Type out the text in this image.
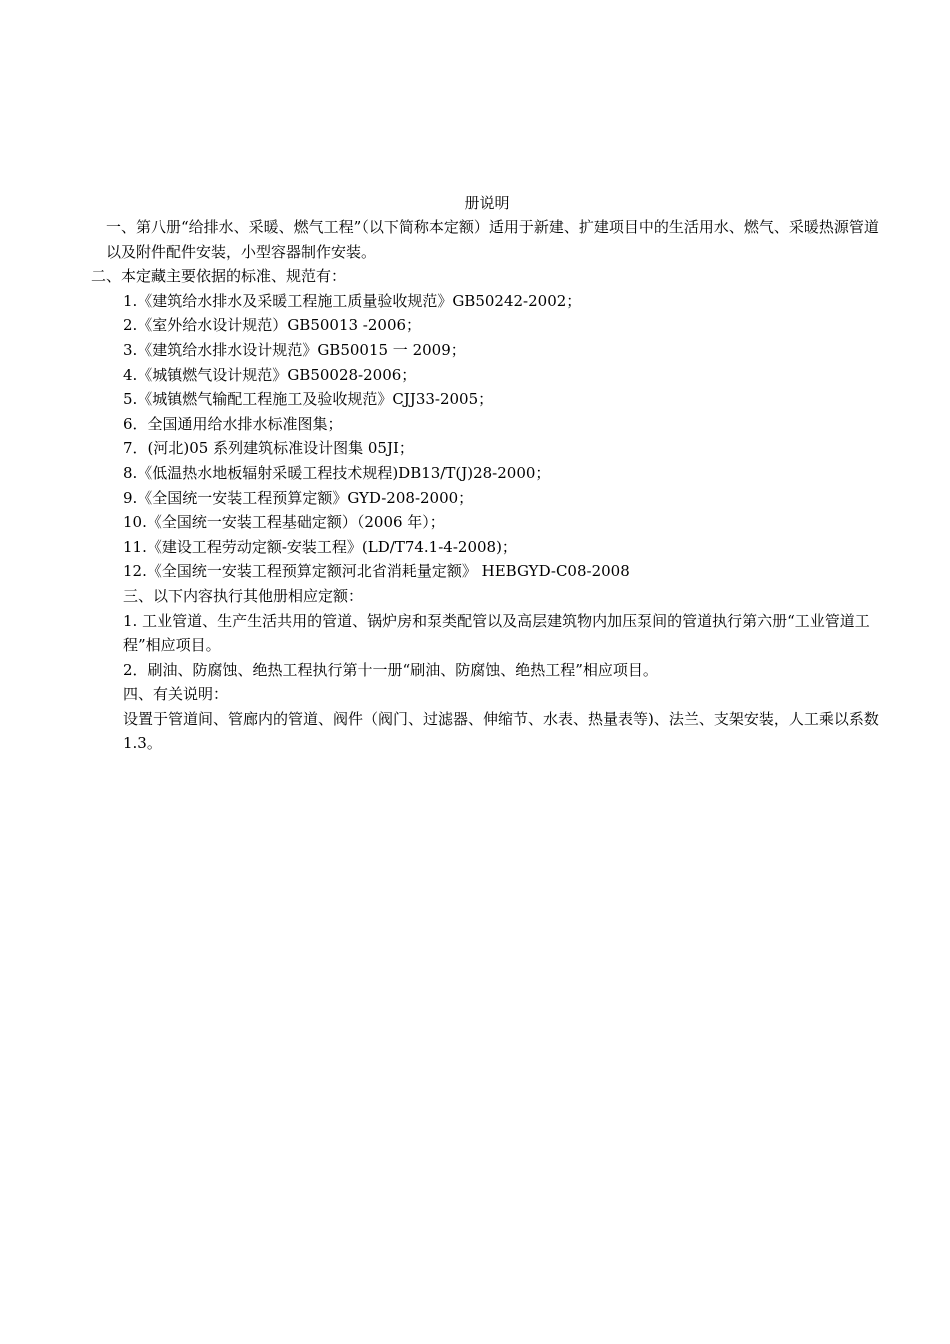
册说明

一、第八册“给排水、采暖、燃气工程”（以下简称本定额）适用于新建、扩建项目中的生活用水、燃气、采暖热源管道以及附件配件安装，小型容器制作安装。

二、本定藏主要依据的标准、规范有：

1.《建筑给水排水及采暖工程施工质量验收规范》GB50242-2002；

2.《室外给水设计规范）GB50013 -2006；

3.《建筑给水排水设计规范》GB50015 一 2009；

4.《城镇燃气设计规范》GB50028-2006；

5.《城镇燃气输配工程施工及验收规范》CJJ33-2005；

6．全国通用给水排水标准图集；

7．(河北)05 系列建筑标准设计图集 05JI；

8.《低温热水地板辐射采暖工程技术规程)DB13/T(J)28-2000；

9.《全国统一安装工程预算定额》GYD-208-2000；

10.《全国统一安装工程基础定额）（2006 年）；

11.《建设工程劳动定额-安装工程》(LD/T74.1-4-2008)；

12.《全国统一安装工程预算定额河北省消耗量定额》 HEBGYD-C08-2008

三、以下内容执行其他册相应定额：

1. 工业管道、生产生活共用的管道、锅炉房和泵类配管以及高层建筑物内加压泵间的管道执行第六册“工业管道工程”相应项目。

2．刷油、防腐蚀、绝热工程执行第十一册“刷油、防腐蚀、绝热工程”相应项目。

四、有关说明：

设置于管道间、管廊内的管道、阀件（阀门、过滤器、伸缩节、水表、热量表等)、法兰、支架安装，人工乘以系数 1.3。
